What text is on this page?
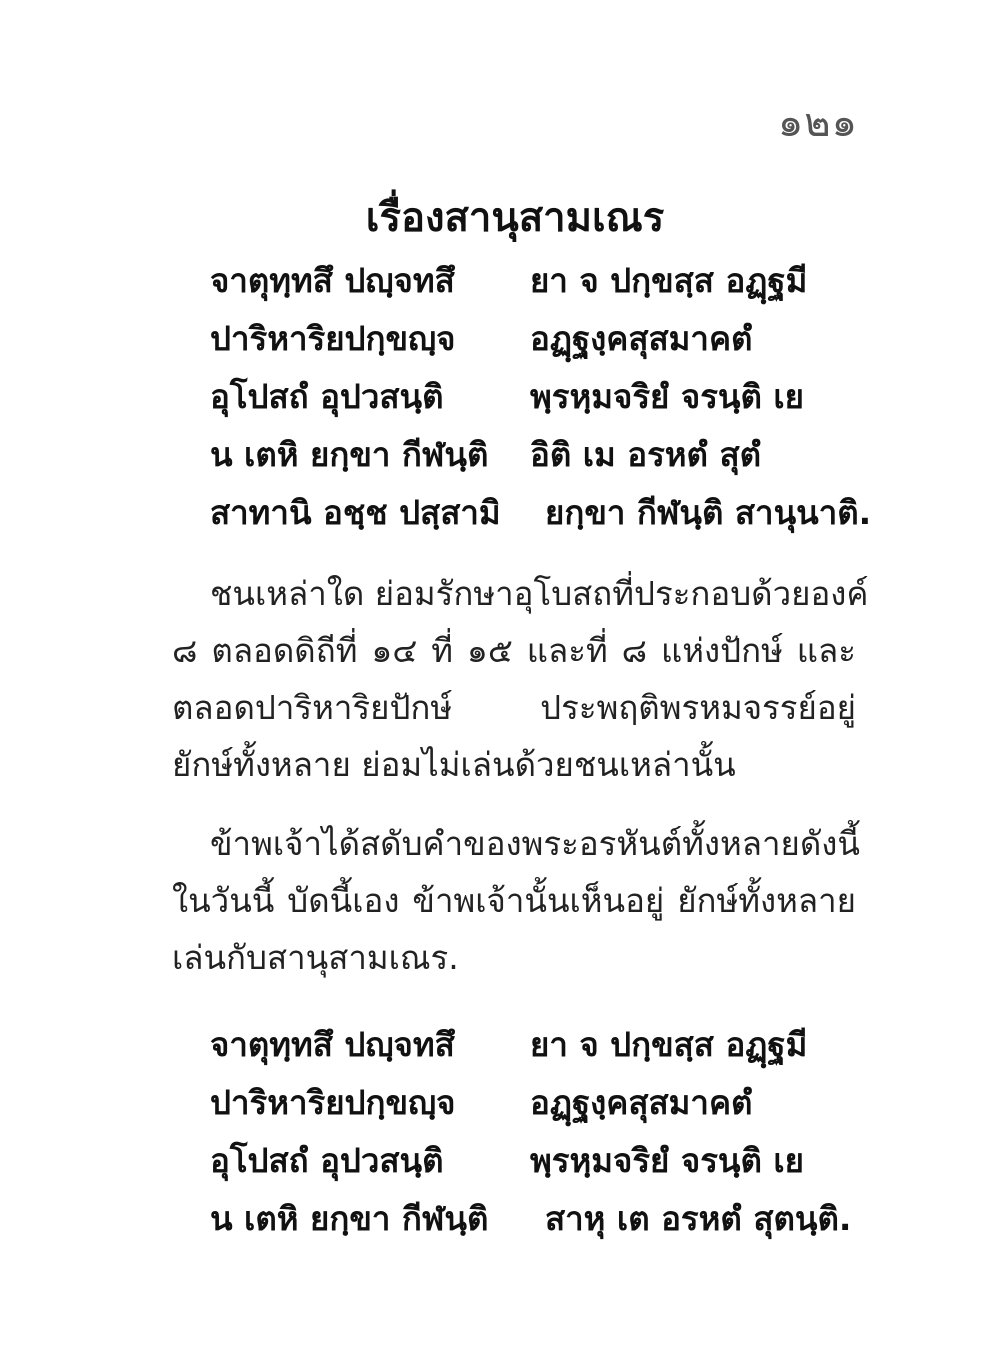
๑๒๑
เรื่องสานุสามเณร
จาตุทฺทสึ ปญฺจทสึ ยา จ ปกฺขสฺส อฏฺฐมี
ปาริหาริยปกฺขญฺจ อฏฺฐงฺคสุสมาคตํ
อุโปสถํ อุปวสนฺติ	พฺรหฺมจริยํ จรนฺติ เย
น เตหิ ยกฺขา กีฬนฺติ อิติ เม อรหตํ สุตํ
สาทานิ อชฺช ปสฺสามิ ยกฺขา กีฬนฺติ สานุนาติ.
ชนเหล่าใด ย่อมรักษาอุโบสถที่ประกอบด้วยองค์
๘ ตลอดดิถีที่ ๑๔ ที่ ๑๕ และที่ ๘ แห่งปักษ์ และ
ตลอดปาริหาริยปักษ์ ประพฤติพรหมจรรย์อยู่
ยักษ์ทั้งหลาย ย่อมไม่เล่นด้วยชนเหล่านั้น
ข้าพเจ้าได้สดับคำของพระอรหันต์ทั้งหลายดังนี้
ในวันนี้ บัดนี้เอง ข้าพเจ้านั้นเห็นอยู่ ยักษ์ทั้งหลาย
เล่นกับสานุสามเณร.
จาตุทฺทสึ ปญฺจทสึ ยา จ ปกฺขสฺส อฏฺฐมี
ปาริหาริยปกฺขญฺจ อฏฺฐงฺคสุสมาคตํ
อุโปสถํ อุปวสนฺติ	พฺรหฺมจริยํ จรนฺติ เย
น เตหิ ยกฺขา กีฬนฺติ สาหุ เต อรหตํ สุตนฺติ.
